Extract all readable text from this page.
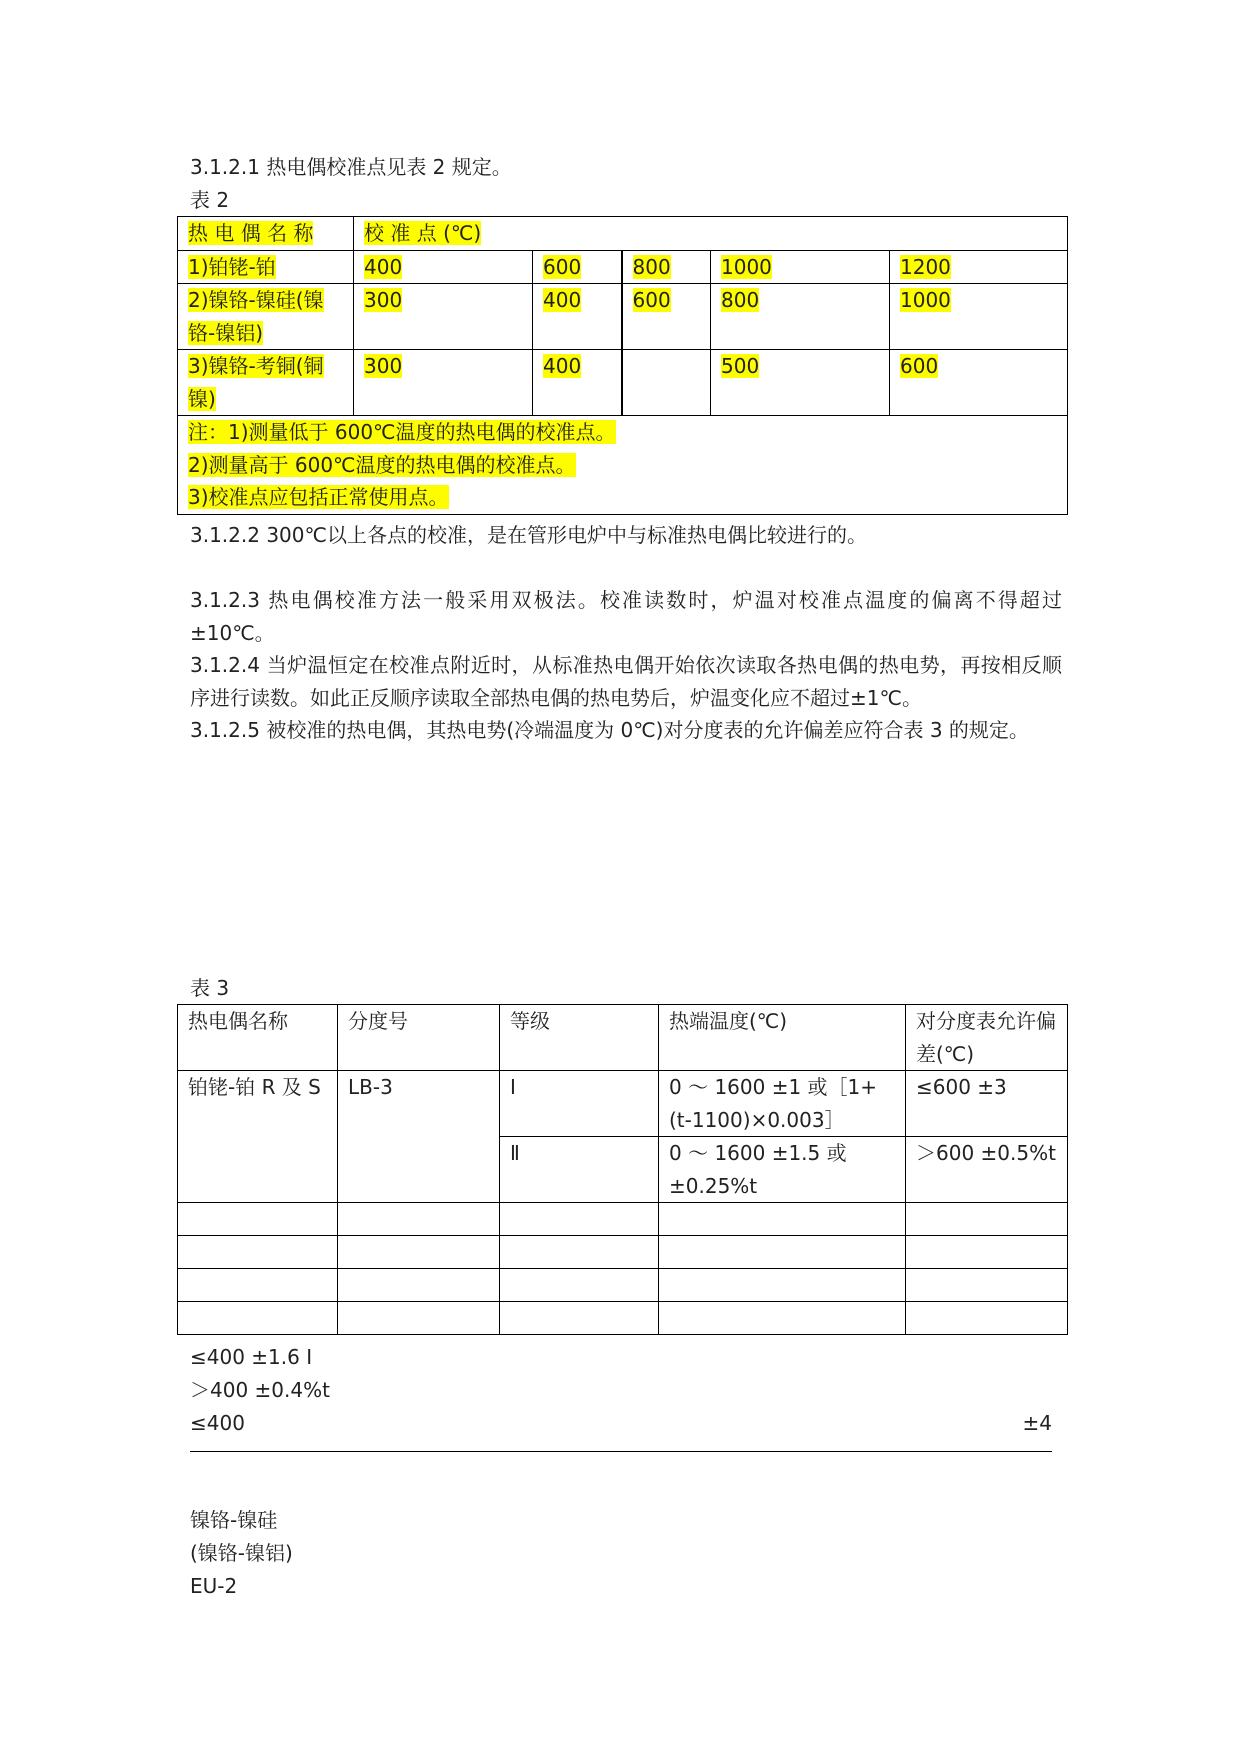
3.1.2.1 热电偶校准点见表 2 规定。

表 2

热 电 偶 名 称	校 准 点 (℃)				
1)铂铑-铂	400	600	800	1000	1200
2)镍铬-镍硅(镍铬-镍铝)	300	400	600	800	1000
3)镍铬-考铜(铜镍)	300	400		500	600

注：1)测量低于 600℃温度的热电偶的校准点。
2)测量高于 600℃温度的热电偶的校准点。
3)校准点应包括正常使用点。					

3.1.2.2 300℃以上各点的校准，是在管形电炉中与标准热电偶比较进行的。

3.1.2.3 热电偶校准方法一般采用双极法。校准读数时，炉温对校准点温度的偏离不得超过±10℃。

3.1.2.4 当炉温恒定在校准点附近时，从标准热电偶开始依次读取各热电偶的热电势，再按相反顺序进行读数。如此正反顺序读取全部热电偶的热电势后，炉温变化应不超过±1℃。

3.1.2.5 被校准的热电偶，其热电势(冷端温度为 0℃)对分度表的允许偏差应符合表 3 的规定。

表 3

热电偶名称	分度号	等级	热端温度(℃)	对分度表允许偏差(℃)
铂铑-铂 R 及 S	LB-3	Ⅰ	0 ～ 1600 ±1 或［1+(t-1100)×0.003］	≤600 ±3
		Ⅱ	0 ～ 1600 ±1.5 或 ±0.25%t	＞600 ±0.5%t

≤400 ±1.6 Ⅰ

＞400 ±0.4%t

≤400	±4

镍铬-镍硅

(镍铬-镍铝)

EU-2
